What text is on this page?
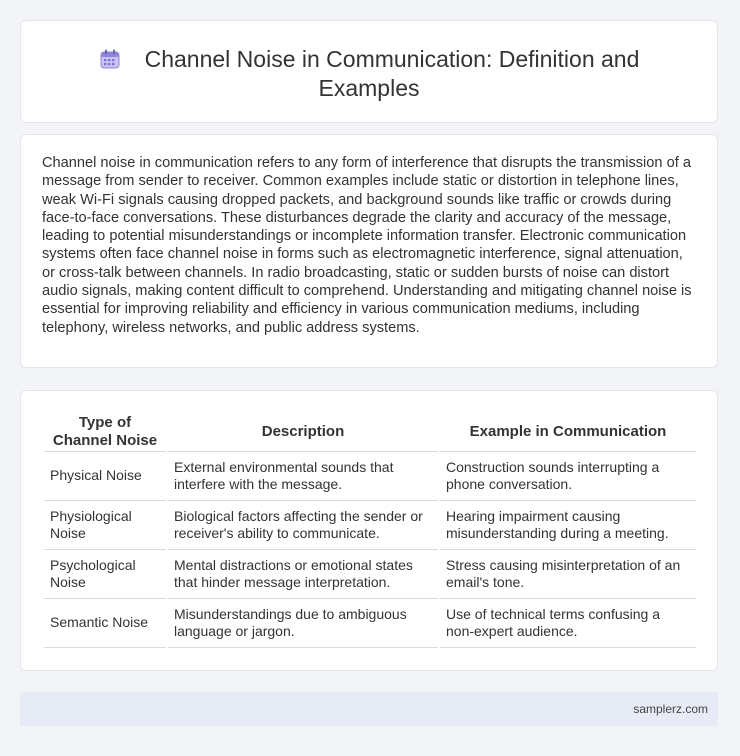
Channel Noise in Communication: Definition and
Examples

Channel noise in communication refers to any form of interference that disrupts the transmission of a message from sender to receiver. Common examples include static or distortion in telephone lines, weak Wi-Fi signals causing dropped packets, and background sounds like traffic or crowds during face-to-face conversations. These disturbances degrade the clarity and accuracy of the message, leading to potential misunderstandings or incomplete information transfer. Electronic communication systems often face channel noise in forms such as electromagnetic interference, signal attenuation, or cross-talk between channels. In radio broadcasting, static or sudden bursts of noise can distort audio signals, making content difficult to comprehend. Understanding and mitigating channel noise is essential for improving reliability and efficiency in various communication mediums, including telephony, wireless networks, and public address systems.

Type of Channel Noise	Description	Example in Communication
Physical Noise	External environmental sounds that interfere with the message.	Construction sounds interrupting a phone conversation.
Physiological Noise	Biological factors affecting the sender or receiver's ability to communicate.	Hearing impairment causing misunderstanding during a meeting.
Psychological Noise	Mental distractions or emotional states that hinder message interpretation.	Stress causing misinterpretation of an email's tone.
Semantic Noise	Misunderstandings due to ambiguous language or jargon.	Use of technical terms confusing a non-expert audience.
samplerz.com
